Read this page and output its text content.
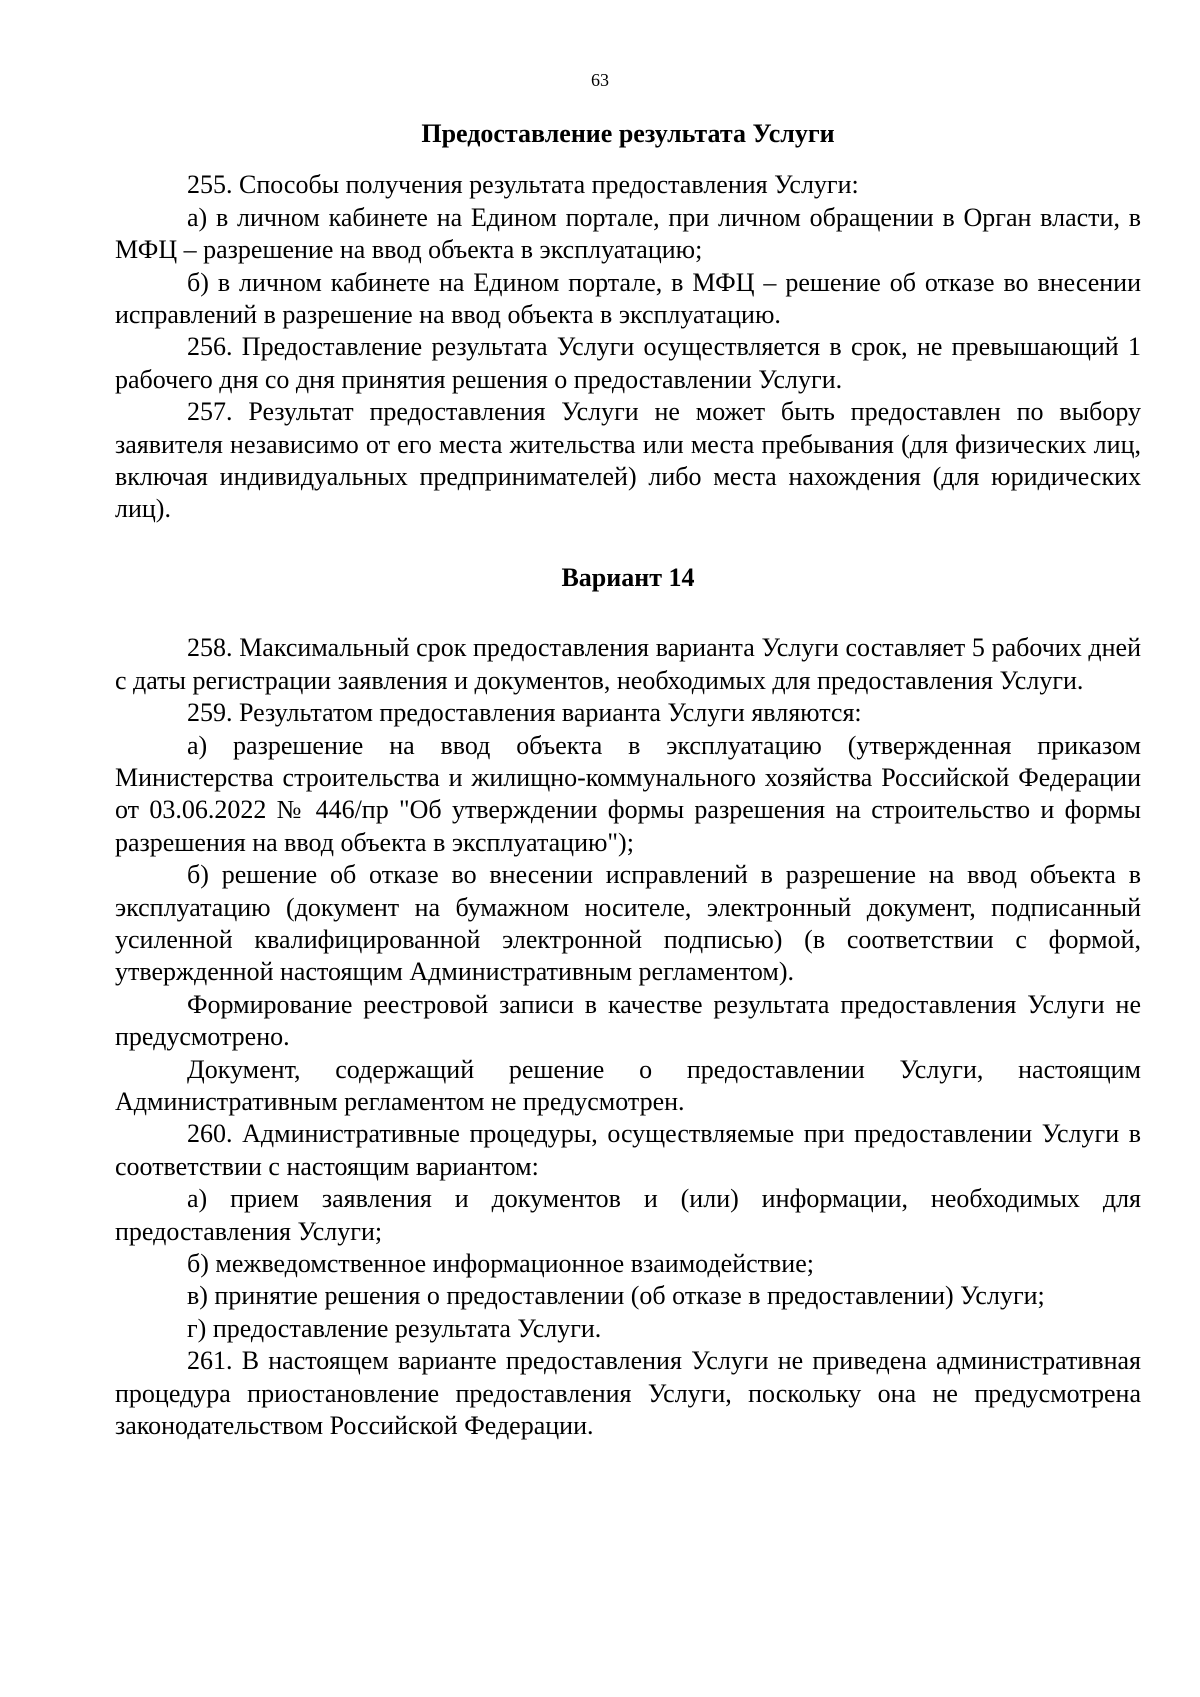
63
Предоставление результата Услуги

255. Способы получения результата предоставления Услуги:

а) в личном кабинете на Едином портале, при личном обращении в Орган власти, в МФЦ – разрешение на ввод объекта в эксплуатацию;

б) в личном кабинете на Едином портале, в МФЦ – решение об отказе во внесении исправлений в разрешение на ввод объекта в эксплуатацию.

256. Предоставление результата Услуги осуществляется в срок, не превышающий 1 рабочего дня со дня принятия решения о предоставлении Услуги.

257. Результат предоставления Услуги не может быть предоставлен по выбору заявителя независимо от его места жительства или места пребывания (для физических лиц, включая индивидуальных предпринимателей) либо места нахождения (для юридических лиц).

Вариант 14

258. Максимальный срок предоставления варианта Услуги составляет 5 рабочих дней с даты регистрации заявления и документов, необходимых для предоставления Услуги.

259. Результатом предоставления варианта Услуги являются:

а) разрешение на ввод объекта в эксплуатацию (утвержденная приказом Министерства строительства и жилищно-коммунального хозяйства Российской Федерации от 03.06.2022 № 446/пр "Об утверждении формы разрешения на строительство и формы разрешения на ввод объекта в эксплуатацию");

б) решение об отказе во внесении исправлений в разрешение на ввод объекта в эксплуатацию (документ на бумажном носителе, электронный документ, подписанный усиленной квалифицированной электронной подписью) (в соответствии с формой, утвержденной настоящим Административным регламентом).

Формирование реестровой записи в качестве результата предоставления Услуги не предусмотрено.

Документ, содержащий решение о предоставлении Услуги, настоящим Административным регламентом не предусмотрен.

260. Административные процедуры, осуществляемые при предоставлении Услуги в соответствии с настоящим вариантом:

а) прием заявления и документов и (или) информации, необходимых для предоставления Услуги;

б) межведомственное информационное взаимодействие;

в) принятие решения о предоставлении (об отказе в предоставлении) Услуги;

г) предоставление результата Услуги.

261. В настоящем варианте предоставления Услуги не приведена административная процедура приостановление предоставления Услуги, поскольку она не предусмотрена законодательством Российской Федерации.
